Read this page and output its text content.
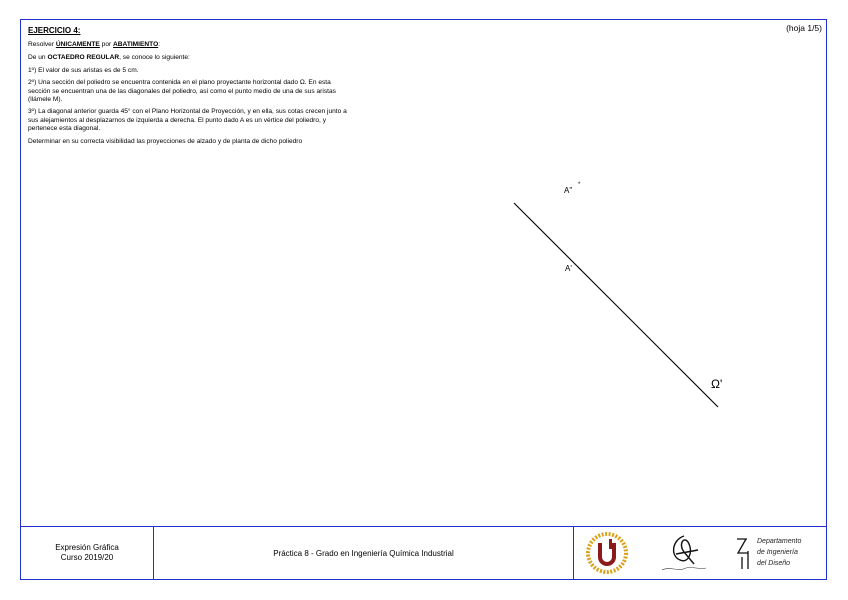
(hoja 1/5)

EJERCICIO 4:

Resolver ÚNICAMENTE por ABATIMIENTO:

De un OCTAEDRO REGULAR, se conoce lo siguiente:

1º) El valor de sus aristas es de 5 cm.

2º) Una sección del poliedro se encuentra contenida en el plano proyectante horizontal dado Ω. En esta sección se encuentran una de las diagonales del poliedro, así como el punto medio de una de sus aristas (llámele M).

3º) La diagonal anterior guarda 45° con el Plano Horizontal de Proyección, y en ella, sus cotas crecen junto a sus alejamientos al desplazarnos de izquierda a derecha. El punto dado A es un vértice del poliedro, y pertenece esta diagonal.

Determinar en su correcta visibilidad las proyecciones de alzado y de planta de dicho poliedro

A"
*
A'
Ω'
Expresión Gráfica
Curso 2019/20	Práctica 8 - Grado en Ingeniería Química Industrial
Departamento
de Ingeniería
del Diseño
